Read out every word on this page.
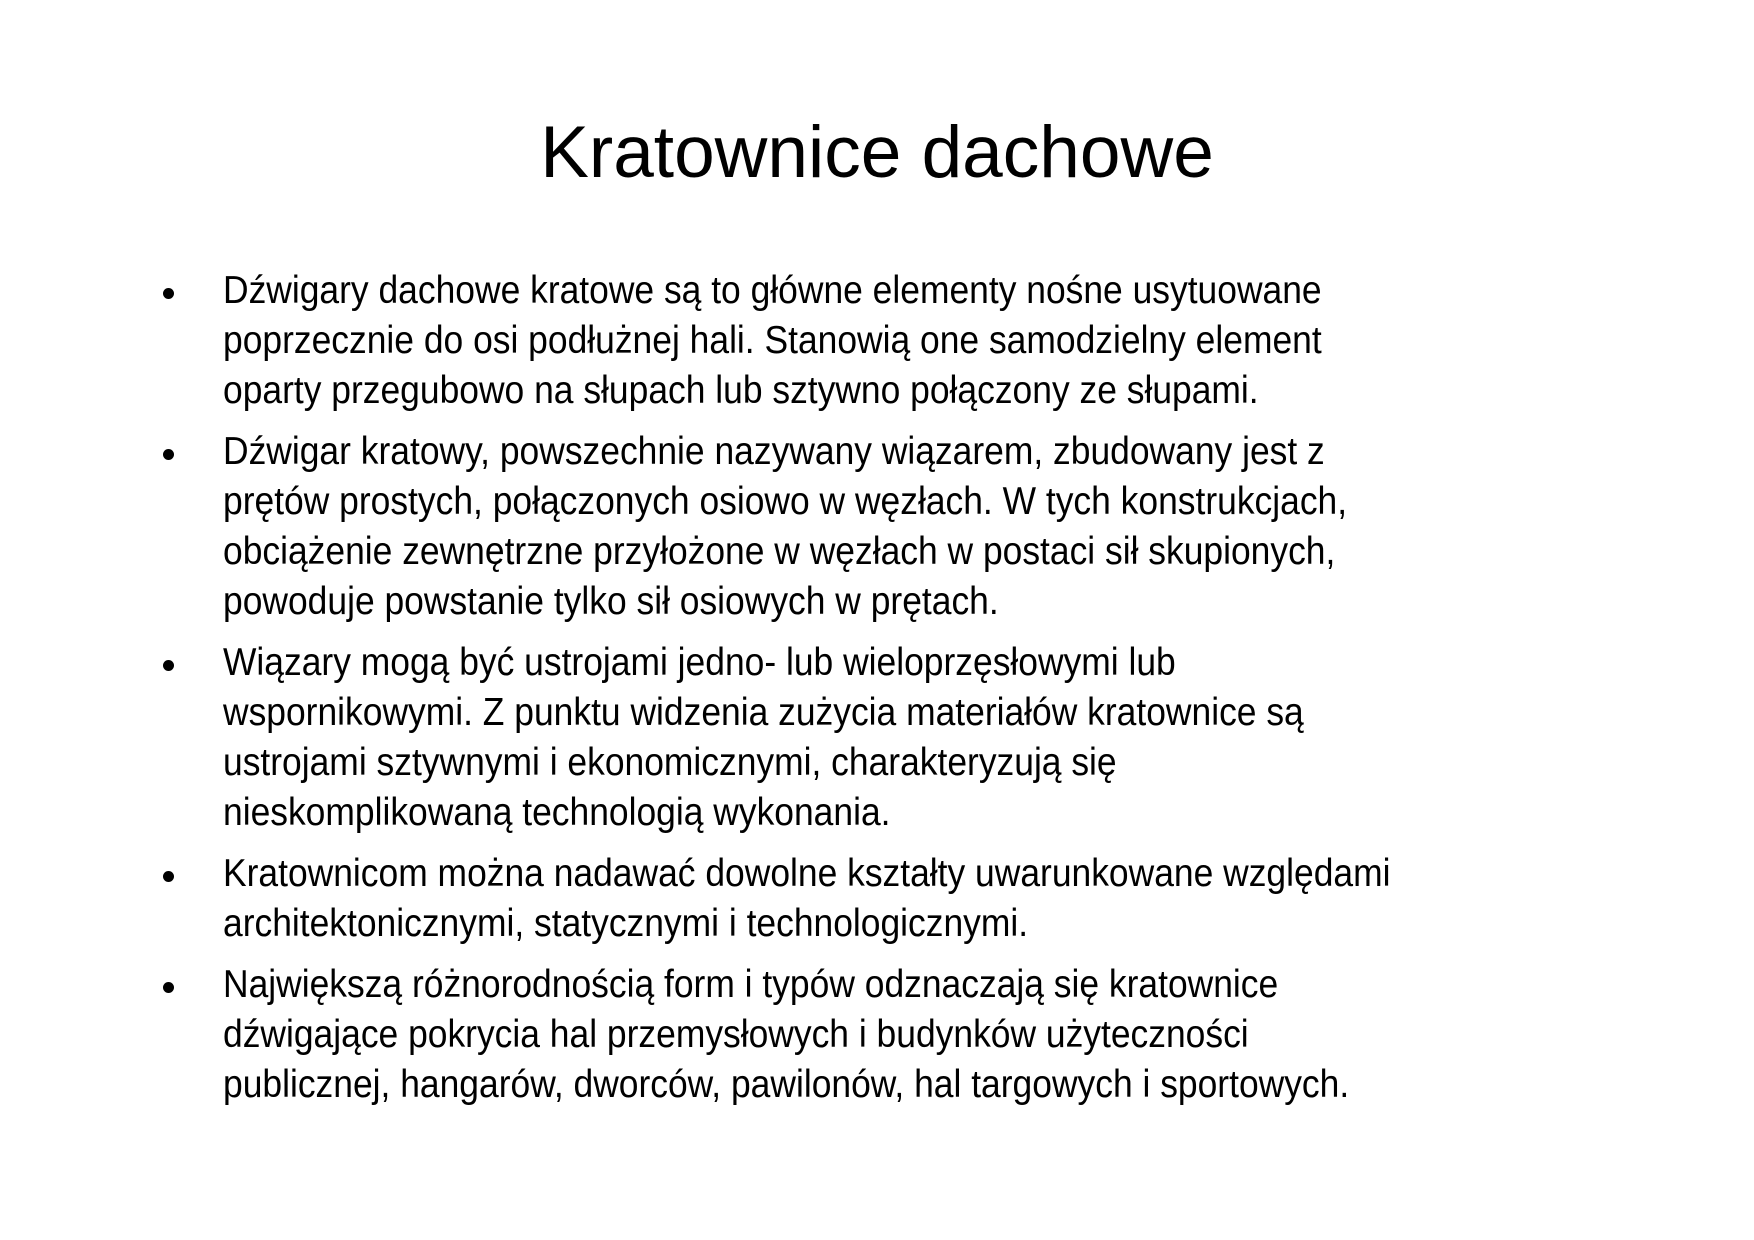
Kratownice dachowe
Dźwigary dachowe kratowe są to główne elementy nośne usytuowane
poprzecznie do osi podłużnej hali. Stanowią one samodzielny element
oparty przegubowo na słupach lub sztywno połączony ze słupami.
Dźwigar kratowy, powszechnie nazywany wiązarem, zbudowany jest z
prętów prostych, połączonych osiowo w węzłach. W tych konstrukcjach,
obciążenie zewnętrzne przyłożone w węzłach w postaci sił skupionych,
powoduje powstanie tylko sił osiowych w prętach.
Wiązary mogą być ustrojami jedno- lub wieloprzęsłowymi lub
wspornikowymi. Z punktu widzenia zużycia materiałów kratownice są
ustrojami sztywnymi i ekonomicznymi, charakteryzują się
nieskomplikowaną technologią wykonania.
Kratownicom można nadawać dowolne kształty uwarunkowane względami
architektonicznymi, statycznymi i technologicznymi.
Największą różnorodnością form i typów odznaczają się kratownice
dźwigające pokrycia hal przemysłowych i budynków użyteczności
publicznej, hangarów, dworców, pawilonów, hal targowych i sportowych.
